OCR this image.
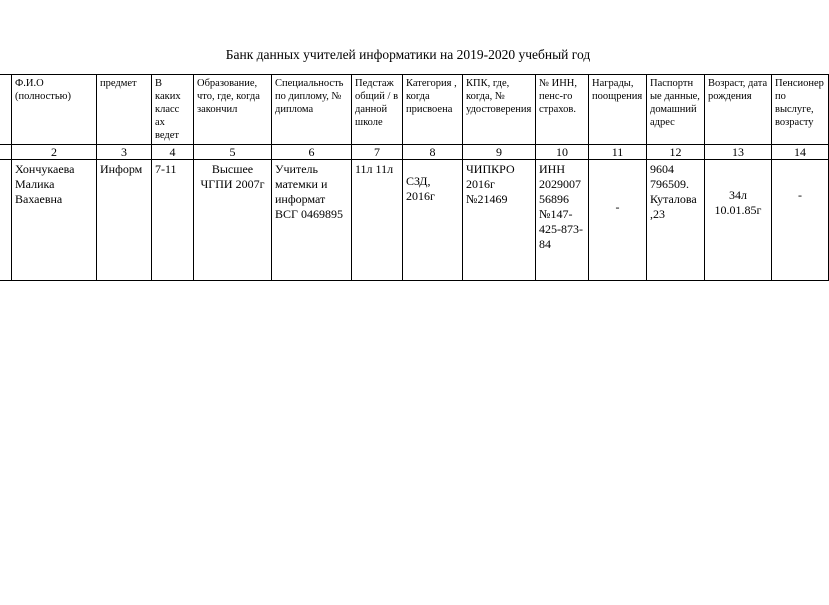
Банк данных учителей информатики на 2019-2020 учебный год
	Ф.И.О (полностью)	предмет	В каких класс ах ведет	Образование, что, где, когда закончил	Специальность по диплому, № диплома	Педстаж общий / в данной школе	Категория , когда присвоена	КПК, где, когда, № удостоверения	№ ИНН, пенс-го страхов.	Награды, поощрения	Паспортн ые данные, домашний адрес	Возраст, дата рождения	Пенсионер по выслуге, возрасту
	2	3	4	5	6	7	8	9	10	11	12	13	14
	Хончукаева Малика Вахаевна	Информ	7-11	Высшее ЧГПИ 2007г	Учитель матемки и информат ВСГ 0469895	11л 11л	СЗД, 2016г	ЧИПКРО 2016г №21469	ИНН 2029007 56896 №147-425-873-84	-	9604 796509. Куталова ,23	34л 10.01.85г	-
